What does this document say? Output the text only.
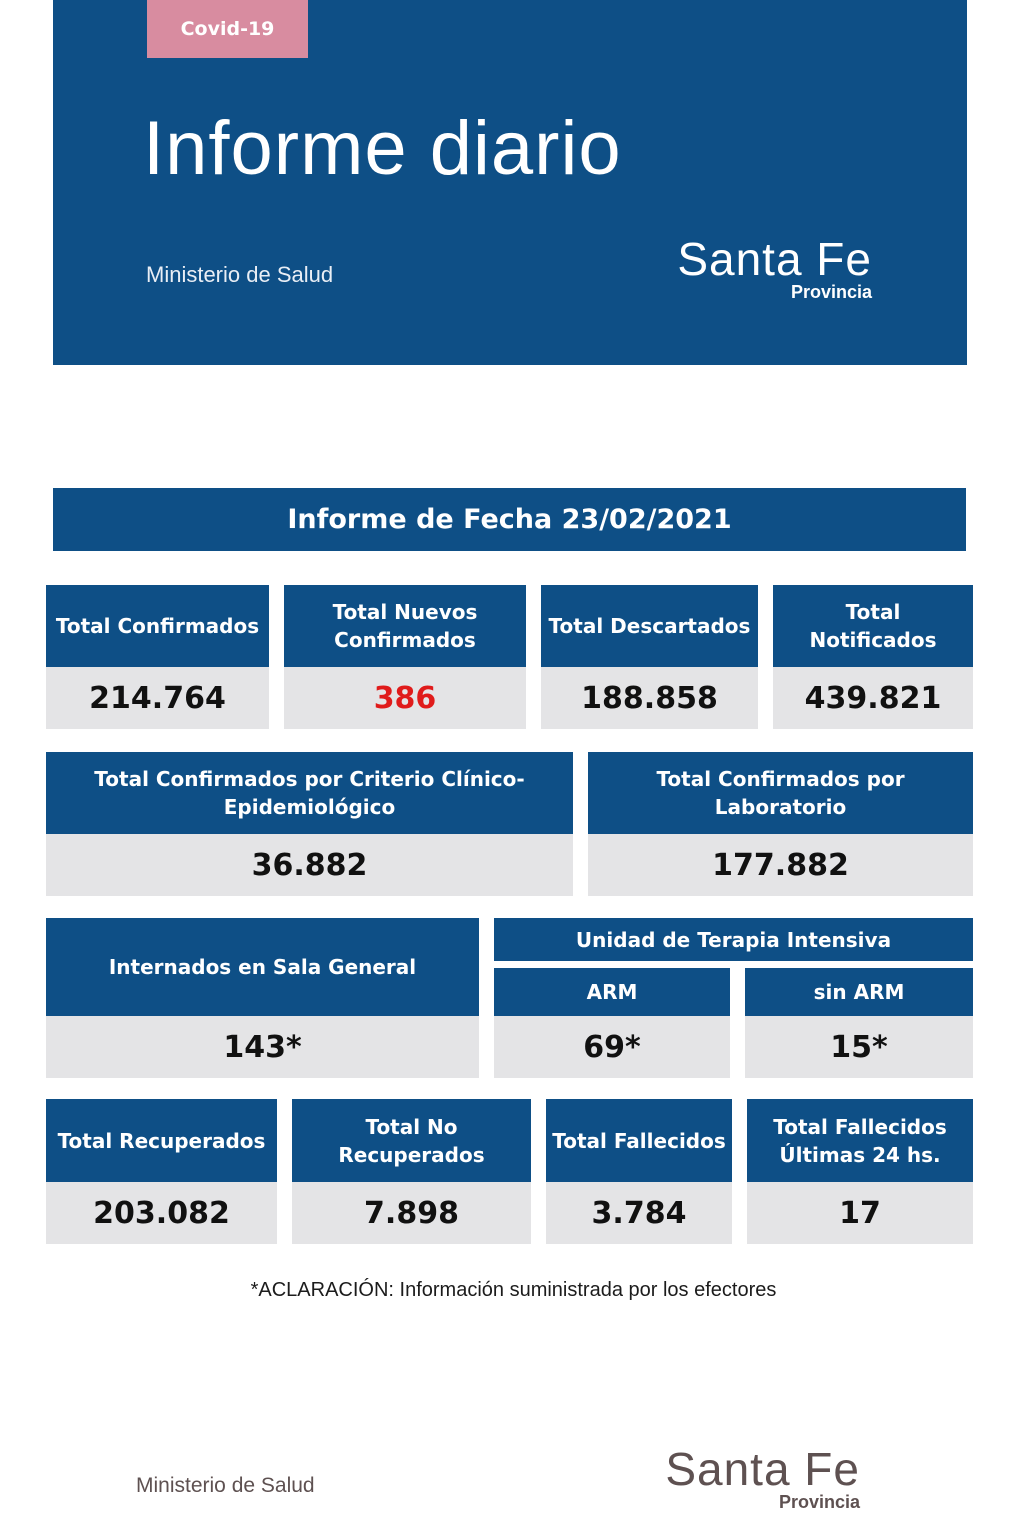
Covid-19
Informe diario
Ministerio de Salud	Santa Fe
Provincia
Informe de Fecha 23/02/2021
Total Confirmados
214.764
Total Nuevos Confirmados
386
Total Descartados
188.858
Total Notificados
439.821
Total Confirmados por Criterio Clínico-Epidemiológico
36.882
Total Confirmados por Laboratorio
177.882
Internados en Sala General
143*
Unidad de Terapia Intensiva
ARM
69*
sin ARM
15*
Total Recuperados
203.082
Total No Recuperados
7.898
Total Fallecidos
3.784
Total Fallecidos Últimas 24 hs.
17
*ACLARACIÓN: Información suministrada por los efectores
Ministerio de Salud	Santa Fe
Provincia
